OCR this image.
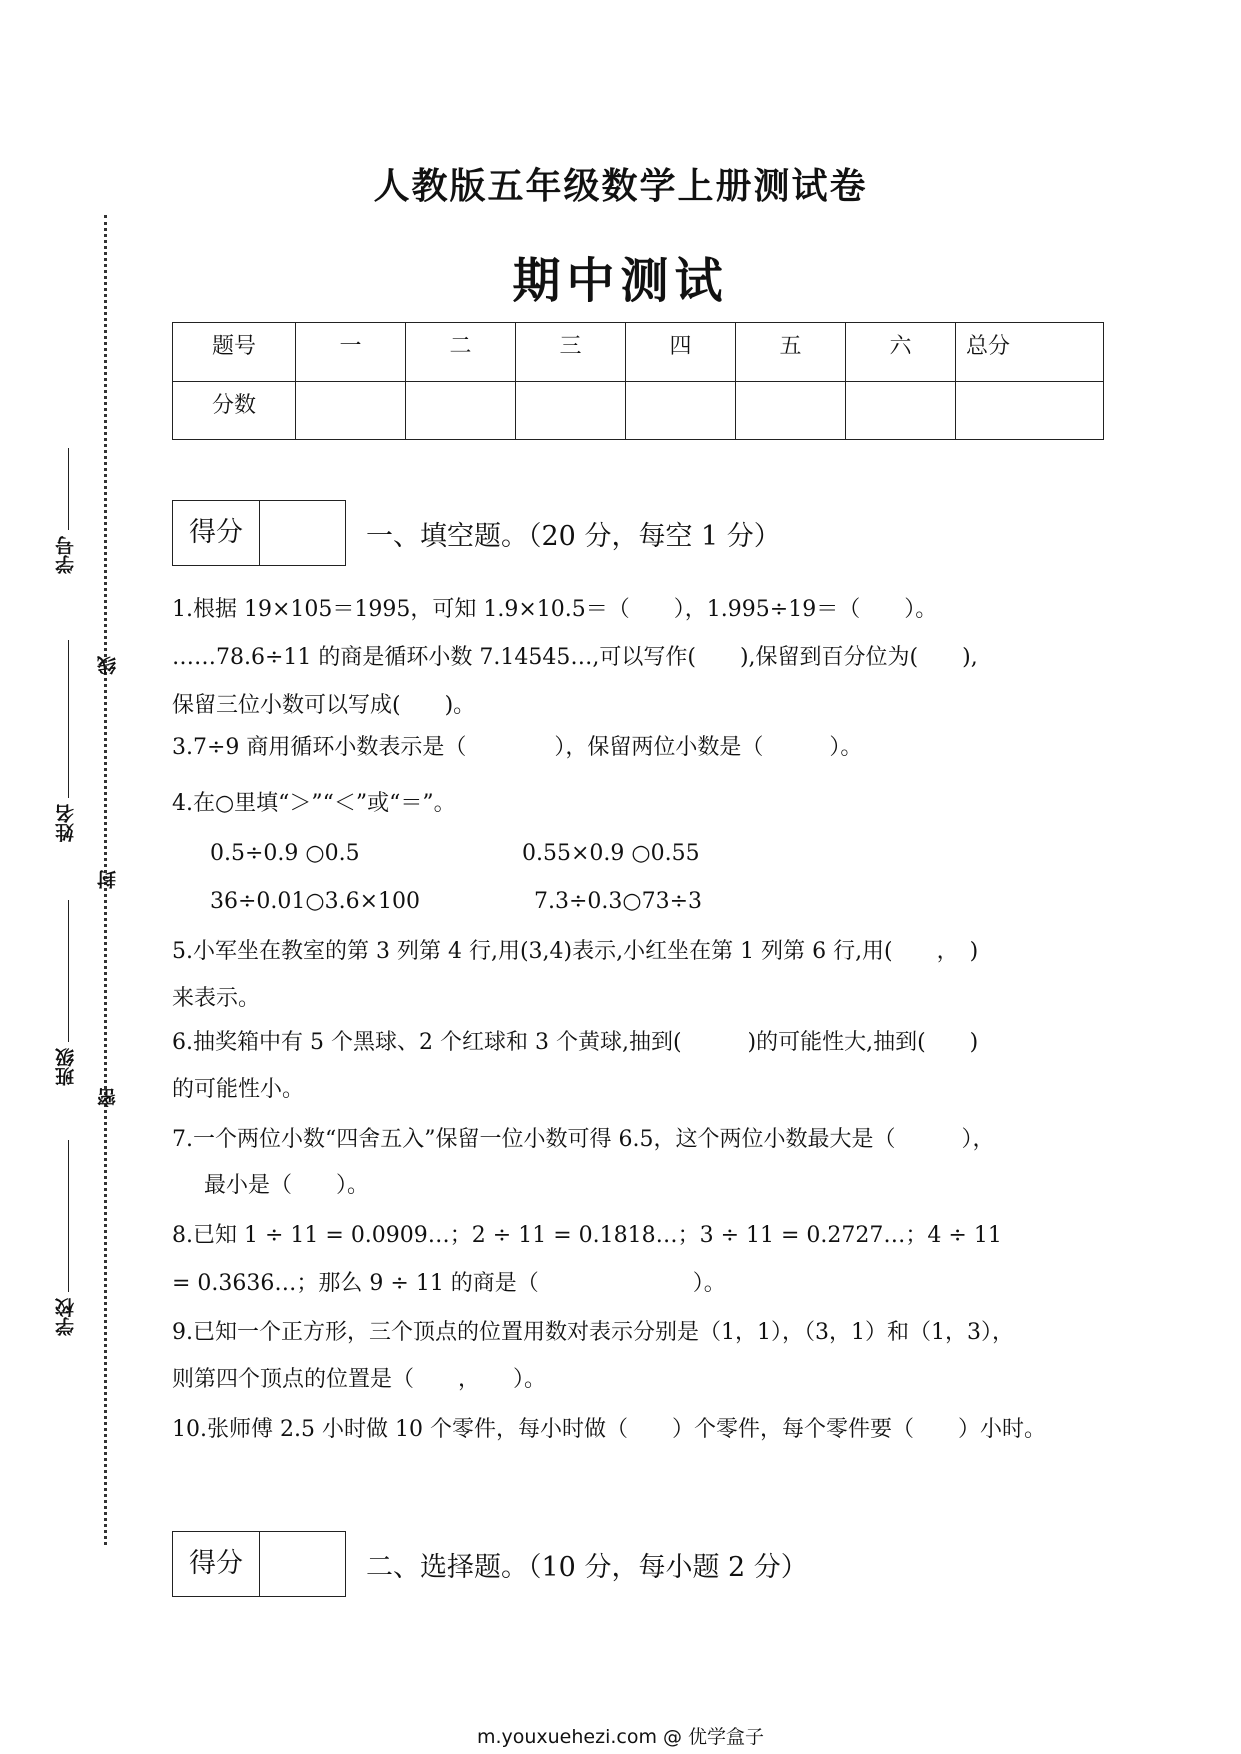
人教版五年级数学上册测试卷
期中测试
题号	一	二	三	四	五	六	总分
分数							
学号
姓名
班级
学校
线
封
密
得分	一、填空题。（20 分，每空 1 分）
1.根据 19×105＝1995，可知 1.9×10.5＝（　　），1.995÷19＝（　　）。
……78.6÷11 的商是循环小数 7.14545…,可以写作(　　),保留到百分位为(　　),
保留三位小数可以写成(　　)。
3.7÷9 商用循环小数表示是（　　　　），保留两位小数是（　　　）。
4.在○里填“＞”“＜”或“＝”。
0.5÷0.9 ○0.5	0.55×0.9 ○0.55
36÷0.01○3.6×100	7.3÷0.3○73÷3
5.小军坐在教室的第 3 列第 4 行,用(3,4)表示,小红坐在第 1 列第 6 行,用(　　，　)
来表示。
6.抽奖箱中有 5 个黑球、2 个红球和 3 个黄球,抽到(　　　)的可能性大,抽到(　　)
的可能性小。
7.一个两位小数“四舍五入”保留一位小数可得 6.5，这个两位小数最大是（　　　），
最小是（　　）。
8.已知 1 ÷ 11 = 0.0909…；2 ÷ 11 = 0.1818…；3 ÷ 11 = 0.2727…；4 ÷ 11
= 0.3636…；那么 9 ÷ 11 的商是（　　　　　　　）。
9.已知一个正方形，三个顶点的位置用数对表示分别是（1，1），（3，1）和（1，3），
则第四个顶点的位置是（　　，　　）。
10.张师傅 2.5 小时做 10 个零件，每小时做（　　）个零件，每个零件要（　　）小时。
得分	二、选择题。（10 分，每小题 2 分）
m.youxuehezi.com @ 优学盒子
